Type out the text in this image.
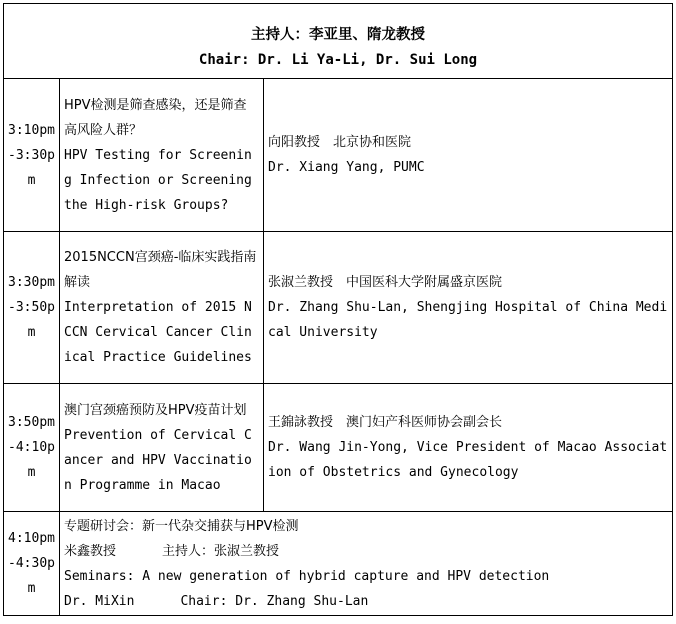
主持人：李亚里、隋龙教授
Chair: Dr. Li Ya-Li, Dr. Sui Long		

3:10pm-3:30pm	HPV检测是筛查感染，还是筛查高风险人群？
HPV Testing for Screening Infection or Screening the High-risk Groups?	向阳教授　北京协和医院
Dr. Xiang Yang, PUMC

3:30pm-3:50pm	2015NCCN宫颈癌-临床实践指南解读
Interpretation of 2015 NCCN Cervical Cancer Clinical Practice Guidelines	张淑兰教授　中国医科大学附属盛京医院
Dr. Zhang Shu-Lan, Shengjing Hospital of China Medical University

3:50pm-4:10pm	澳门宫颈癌预防及HPV疫苗计划
Prevention of Cervical Cancer and HPV Vaccination Programme in Macao	王錦詠教授　澳门妇产科医师协会副会长
Dr. Wang Jin-Yong, Vice President of Macao Association of Obstetrics and Gynecology

4:10pm-4:30pm	专题研讨会：新一代杂交捕获与HPV检测
米鑫教授 主持人：张淑兰教授
Seminars: A new generation of hybrid capture and HPV detection
Dr. MiXin Chair: Dr. Zhang Shu-Lan	
